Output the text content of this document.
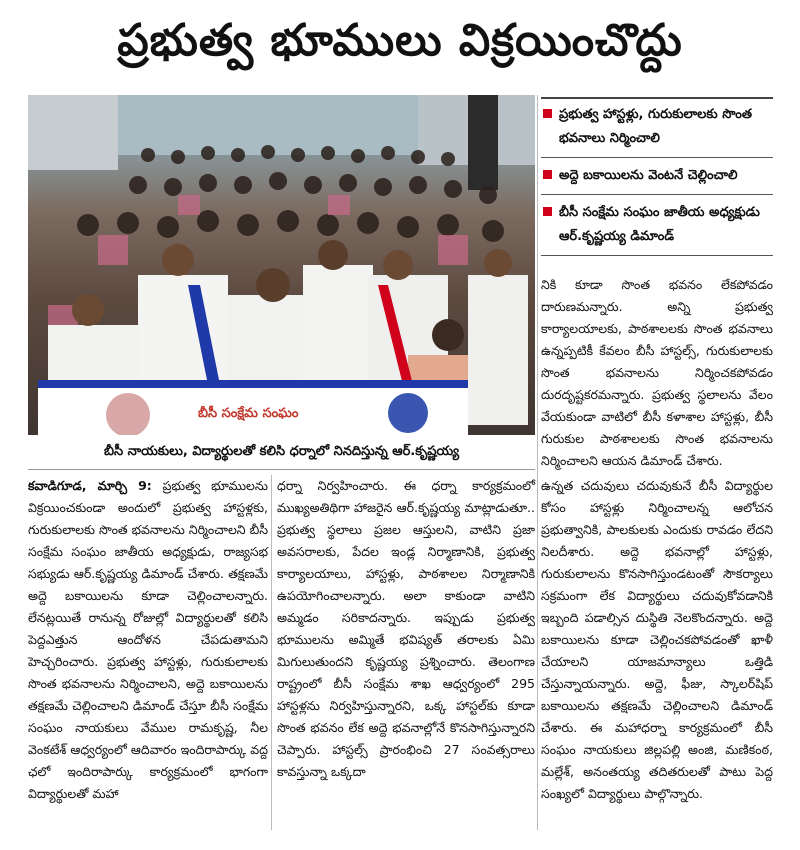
ప్రభుత్వ భూములు విక్రయించొద్దు
బీసీ సంక్షేమ సంఘం
బీసీ నాయకులు, విద్యార్థులతో కలిసి ధర్నాలో నినదిస్తున్న ఆర్.కృష్ణయ్య
ప్రభుత్వ హాస్టళ్లు, గురుకులాలకు సొంత భవనాలు నిర్మించాలి
అద్దె బకాయిలను వెంటనే చెల్లించాలి
బీసీ సంక్షేమ సంఘం జాతీయ అధ్యక్షుడు ఆర్.కృష్ణయ్య డిమాండ్

నికి కూడా సొంత భవనం లేకపోవడం దారుణమన్నారు. అన్ని ప్రభుత్వ కార్యాలయాలకు, పాఠశాలలకు సొంత భవనాలు ఉన్నప్పటికీ కేవలం బీసీ హాస్టల్స్, గురుకులాలకు సొంత భవనాలను నిర్మించకపోవడం దురదృష్టకరమన్నారు. ప్రభుత్వ స్థలాలను వేలం వేయకుండా వాటిలో బీసీ కళాశాల హాస్టళ్లు, బీసీ గురుకుల పాఠశాలలకు సొంత భవనాలను నిర్మించాలని ఆయన డిమాండ్ చేశారు.

కవాడిగూడ, మార్చి 9: ప్రభుత్వ భూములను విక్రయించకుండా అందులో ప్రభుత్వ హాస్టళ్లకు, గురుకులాలకు సొంత భవనాలను నిర్మించాలని బీసీ సంక్షేమ సంఘం జాతీయ అధ్యక్షుడు, రాజ్యసభ సభ్యుడు ఆర్.కృష్ణయ్య డిమాండ్ చేశారు. తక్షణమే అద్దె బకాయిలను కూడా చెల్లించాలన్నారు. లేనట్లయితే రానున్న రోజుల్లో విద్యార్థులతో కలిసి పెద్దఎత్తున ఆందోళన చేపడుతామని హెచ్చరించారు. ప్రభుత్వ హాస్టళ్లు, గురుకులాలకు సొంత భవనాలను నిర్మించాలని, అద్దె బకాయిలను తక్షణమే చెల్లించాలని డిమాండ్ చేస్తూ బీసీ సంక్షేమ సంఘం నాయకులు వేముల రామకృష్ణ, నీల వెంకటేశ్ ఆధ్వర్యంలో ఆదివారం ఇందిరాపార్కు వద్ద ఛలో ఇందిరాపార్కు కార్యక్రమంలో భాగంగా విద్యార్థులతో మహా

ధర్నా నిర్వహించారు. ఈ ధర్నా కార్యక్రమంలో ముఖ్యఅతిథిగా హాజరైన ఆర్.కృష్ణయ్య మాట్లాడుతూ.. ప్రభుత్వ స్థలాలు ప్రజల ఆస్తులని, వాటిని ప్రజా అవసరాలకు, పేదల ఇండ్ల నిర్మాణానికి, ప్రభుత్వ కార్యాలయాలు, హాస్టళ్లు, పాఠశాలల నిర్మాణానికి ఉపయోగించాలన్నారు. అలా కాకుండా వాటిని అమ్మడం సరికాదన్నారు. ఇప్పుడు ప్రభుత్వ భూములను అమ్మితే భవిష్యత్ తరాలకు ఏమి మిగులుతుందని కృష్ణయ్య ప్రశ్నించారు. తెలంగాణ రాష్ట్రంలో బీసీ సంక్షేమ శాఖ ఆధ్వర్యంలో 295 హాస్టళ్లను నిర్వహిస్తున్నారని, ఒక్క హాస్టల్‌కు కూడా సొంత భవనం లేక అద్దె భవనాల్లోనే కొనసాగిస్తున్నారని చెప్పారు. హాస్టల్స్ ప్రారంభించి 27 సంవత్సరాలు కావస్తున్నా ఒక్కదా

ఉన్నత చదువులు చదువుకునే బీసీ విద్యార్థుల కోసం హాస్టళ్లు నిర్మించాలన్న ఆలోచన ప్రభుత్వానికి, పాలకులకు ఎందుకు రావడం లేదని నిలదీశారు. అద్దె భవనాల్లో హాస్టళ్లు, గురుకులాలను కొనసాగిస్తుండటంతో సౌకర్యాలు సక్రమంగా లేక విద్యార్థులు చదువుకోవడానికి ఇబ్బంది పడాల్సిన దుస్థితి నెలకొందన్నారు. అద్దె బకాయిలను కూడా చెల్లించకపోవడంతో ఖాళీ చేయాలని యాజమాన్యాలు ఒత్తిడి చేస్తున్నాయన్నారు. అద్దె, ఫీజు, స్కాలర్‌షిప్ బకాయిలను తక్షణమే చెల్లించాలని డిమాండ్ చేశారు. ఈ మహాధర్నా కార్యక్రమంలో బీసీ సంఘం నాయకులు జిల్లపల్లి అంజి, మణికంఠ, మల్లేశ్, అనంతయ్య తదితరులతో పాటు పెద్ద సంఖ్యలో విద్యార్థులు పాల్గొన్నారు.
